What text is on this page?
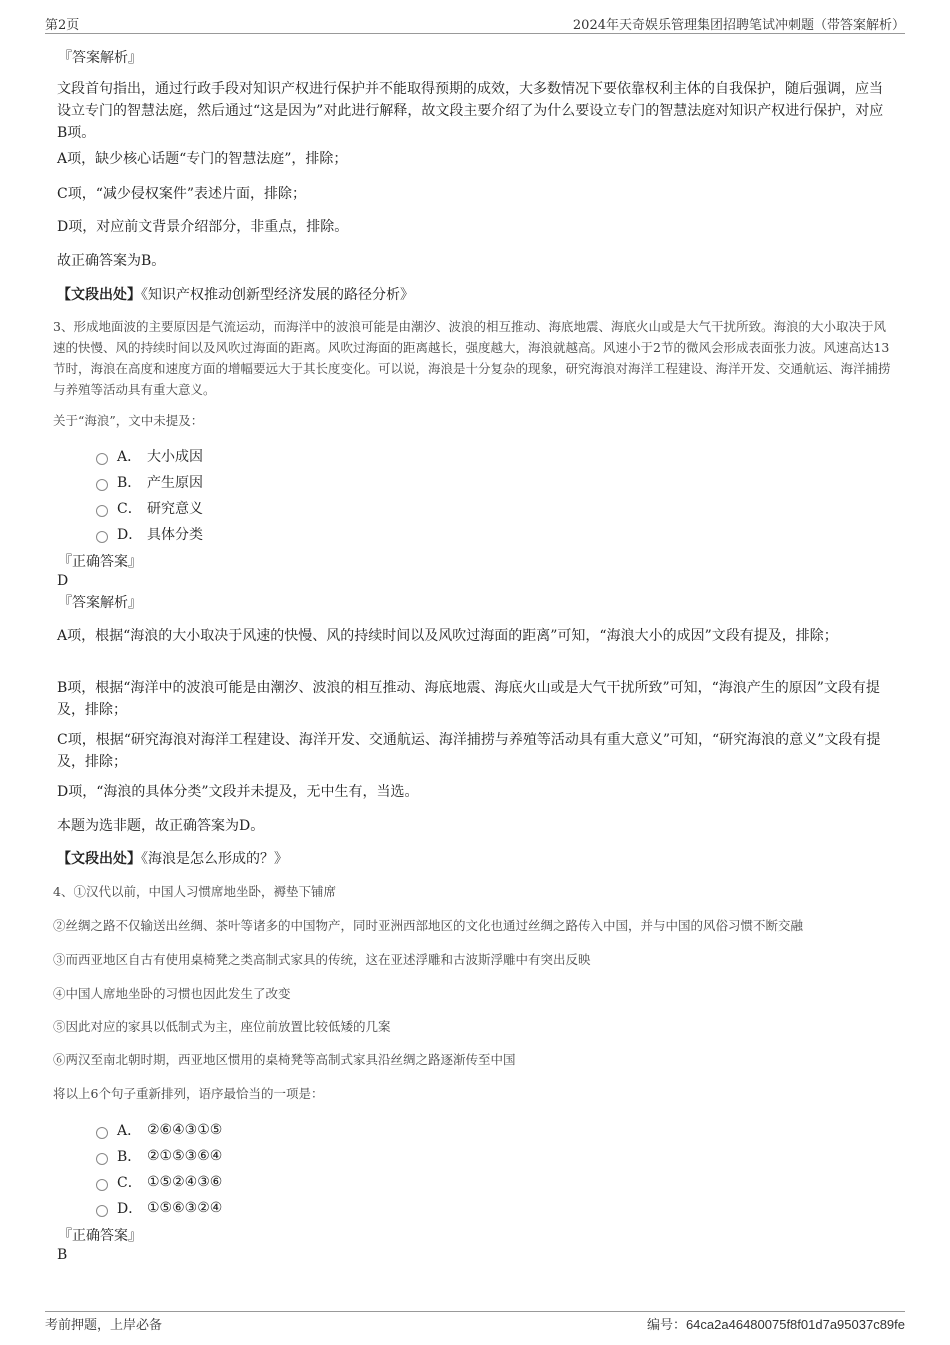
第2页	2024年天奇娱乐管理集团招聘笔试冲刺题（带答案解析）
『答案解析』
文段首句指出，通过行政手段对知识产权进行保护并不能取得预期的成效，大多数情况下要依靠权利主体的自我保护，随后强调，应当设立专门的智慧法庭，然后通过“这是因为”对此进行解释，故文段主要介绍了为什么要设立专门的智慧法庭对知识产权进行保护，对应B项。
A项，缺少核心话题“专门的智慧法庭”，排除；
C项，“减少侵权案件”表述片面，排除；
D项，对应前文背景介绍部分，非重点，排除。
故正确答案为B。
【文段出处】《知识产权推动创新型经济发展的路径分析》
3、形成地面波的主要原因是气流运动，而海洋中的波浪可能是由潮汐、波浪的相互推动、海底地震、海底火山或是大气干扰所致。海浪的大小取决于风速的快慢、风的持续时间以及风吹过海面的距离。风吹过海面的距离越长，强度越大，海浪就越高。风速小于2节的微风会形成表面张力波。风速高达13节时，海浪在高度和速度方面的增幅要远大于其长度变化。可以说，海浪是十分复杂的现象，研究海浪对海洋工程建设、海洋开发、交通航运、海洋捕捞与养殖等活动具有重大意义。
关于“海浪”，文中未提及：
A． 大小成因
B． 产生原因
C． 研究意义
D． 具体分类
『正确答案』
D
『答案解析』
A项，根据“海浪的大小取决于风速的快慢、风的持续时间以及风吹过海面的距离”可知，“海浪大小的成因”文段有提及，排除；
B项，根据“海洋中的波浪可能是由潮汐、波浪的相互推动、海底地震、海底火山或是大气干扰所致”可知，“海浪产生的原因”文段有提及，排除；
C项，根据“研究海浪对海洋工程建设、海洋开发、交通航运、海洋捕捞与养殖等活动具有重大意义”可知，“研究海浪的意义”文段有提及，排除；
D项，“海浪的具体分类”文段并未提及，无中生有，当选。
本题为选非题，故正确答案为D。
【文段出处】《海浪是怎么形成的？》
4、①汉代以前，中国人习惯席地坐卧，褥垫下铺席
②丝绸之路不仅输送出丝绸、茶叶等诸多的中国物产，同时亚洲西部地区的文化也通过丝绸之路传入中国，并与中国的风俗习惯不断交融
③而西亚地区自古有使用桌椅凳之类高制式家具的传统，这在亚述浮雕和古波斯浮雕中有突出反映
④中国人席地坐卧的习惯也因此发生了改变
⑤因此对应的家具以低制式为主，座位前放置比较低矮的几案
⑥两汉至南北朝时期，西亚地区惯用的桌椅凳等高制式家具沿丝绸之路逐渐传至中国
将以上6个句子重新排列，语序最恰当的一项是：
A． ②⑥④③①⑤
B． ②①⑤③⑥④
C． ①⑤②④③⑥
D． ①⑤⑥③②④
『正确答案』
B
考前押题，上岸必备	编号：64ca2a46480075f8f01d7a95037c89fe
